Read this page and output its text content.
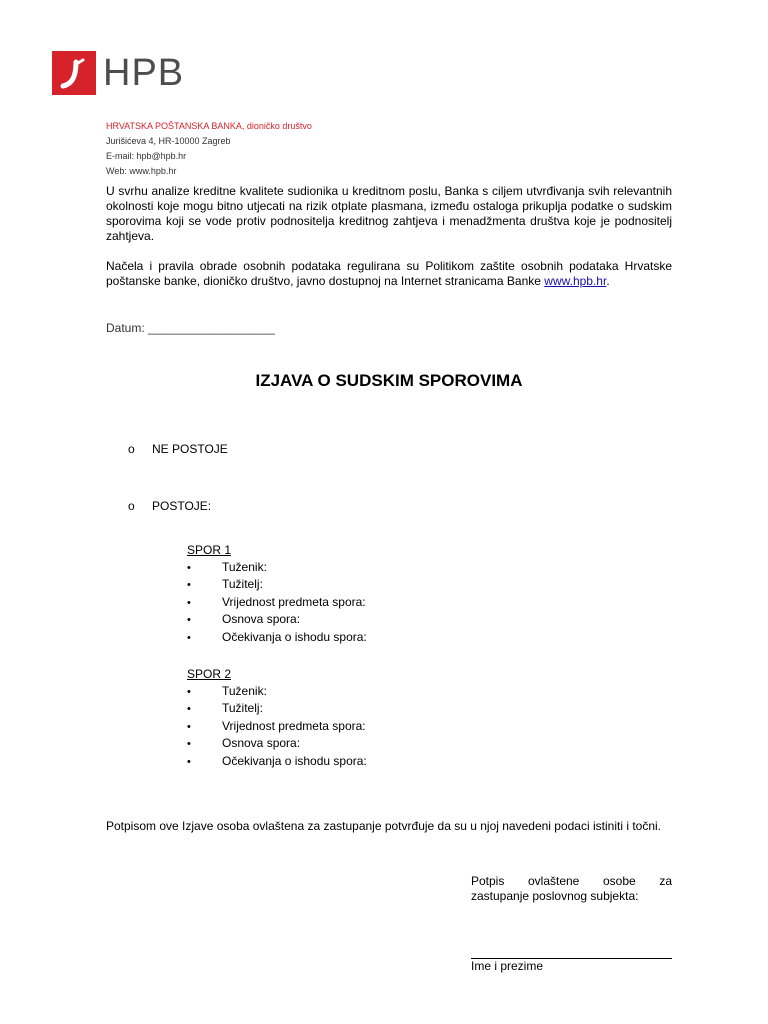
HPB
HRVATSKA POŠTANSKA BANKA, dioničko društvo
Jurišićeva 4, HR-10000 Zagreb
E-mail: hpb@hpb.hr
Web: www.hpb.hr
U svrhu analize kreditne kvalitete sudionika u kreditnom poslu, Banka s ciljem utvrđivanja svih relevantnih okolnosti koje mogu bitno utjecati na rizik otplate plasmana, između ostaloga prikuplja podatke o sudskim sporovima koji se vode protiv podnositelja kreditnog zahtjeva i menadžmenta društva koje je podnositelj zahtjeva.
Načela i pravila obrade osobnih podataka regulirana su Politikom zaštite osobnih podataka Hrvatske poštanske banke, dioničko društvo, javno dostupnoj na Internet stranicama Banke www.hpb.hr.
Datum: ___________________
IZJAVA O SUDSKIM SPOROVIMA
o NE POSTOJE
o POSTOJE:
SPOR 1
•	Tuženik:
•	Tužitelj:
•	Vrijednost predmeta spora:
•	Osnova spora:
•	Očekivanja o ishodu spora:
SPOR 2
•	Tuženik:
•	Tužitelj:
•	Vrijednost predmeta spora:
•	Osnova spora:
•	Očekivanja o ishodu spora:
Potpisom ove Izjave osoba ovlaštena za zastupanje potvrđuje da su u njoj navedeni podaci istiniti i točni.
Potpis ovlaštene osobe za zastupanje poslovnog subjekta:
Ime i prezime
